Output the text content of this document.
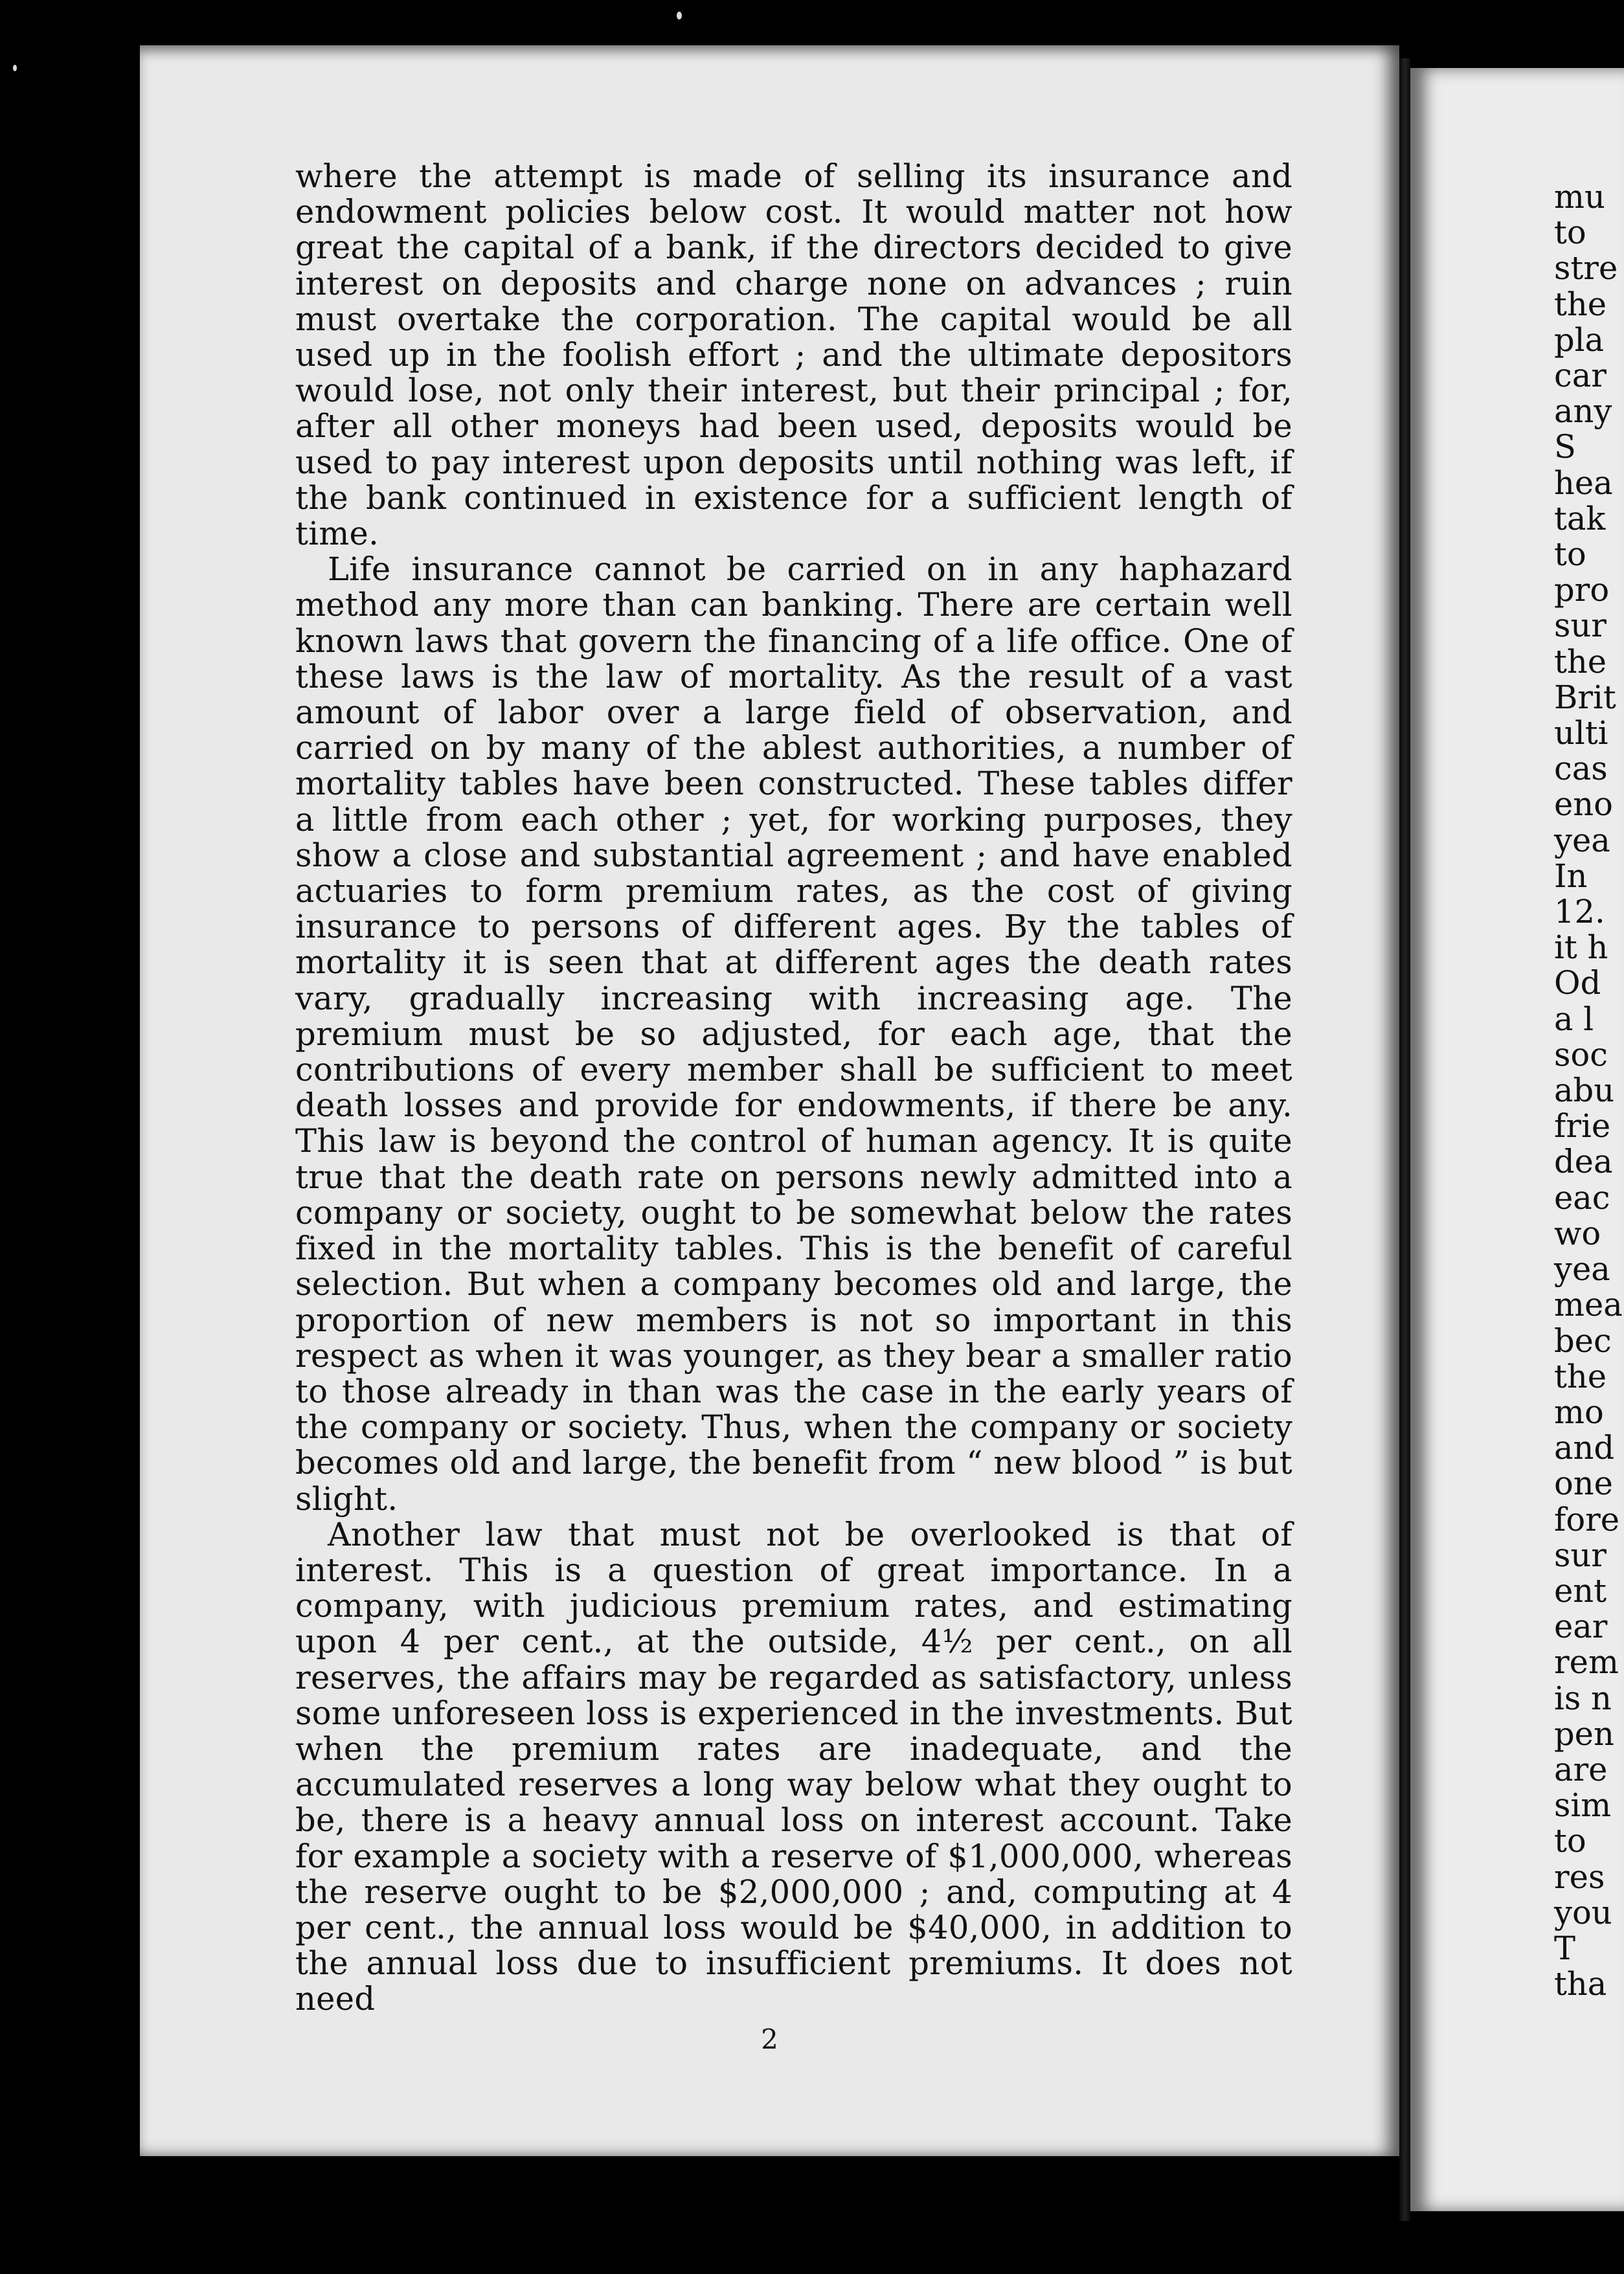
where the attempt is made of selling its insurance and endowment policies below cost. It would matter not how great the capital of a bank, if the directors decided to give interest on deposits and charge none on advances ; ruin must overtake the corporation. The capital would be all used up in the foolish effort ; and the ultimate depositors would lose, not only their interest, but their principal ; for, after all other moneys had been used, deposits would be used to pay interest upon deposits until nothing was left, if the bank continued in existence for a sufficient length of time.

Life insurance cannot be carried on in any haphazard method any more than can banking. There are certain well known laws that govern the financing of a life office. One of these laws is the law of mortality. As the result of a vast amount of labor over a large field of observation, and carried on by many of the ablest authorities, a number of mortality tables have been constructed. These tables differ a little from each other ; yet, for working purposes, they show a close and substantial agreement ; and have enabled actuaries to form premium rates, as the cost of giving insurance to persons of different ages. By the tables of mortality it is seen that at different ages the death rates vary, gradually increasing with increasing age. The premium must be so adjusted, for each age, that the contributions of every member shall be sufficient to meet death losses and provide for endowments, if there be any. This law is beyond the control of human agency. It is quite true that the death rate on persons newly admitted into a company or society, ought to be somewhat below the rates fixed in the mortality tables. This is the benefit of careful selection. But when a company becomes old and large, the proportion of new members is not so important in this respect as when it was younger, as they bear a smaller ratio to those already in than was the case in the early years of the company or society. Thus, when the company or society becomes old and large, the benefit from “ new blood ” is but slight.

Another law that must not be overlooked is that of interest. This is a question of great importance. In a company, with judicious premium rates, and estimating upon 4 per cent., at the outside, 4½ per cent., on all reserves, the affairs may be regarded as satisfactory, unless some unforeseen loss is experienced in the investments. But when the premium rates are inadequate, and the accumulated reserves a long way below what they ought to be, there is a heavy annual loss on interest account. Take for example a society with a reserve of $1,000,000, whereas the reserve ought to be $2,000,000 ; and, computing at 4 per cent., the annual loss would be $40,000, in addition to the annual loss due to insufficient premiums. It does not need

2
mu
to
stre
the
pla
car
any
S
hea
tak
to
pro
sur
the
Brit
ulti
cas
eno
yea
In
12.
it h
Od
a l
soc
abu
frie
dea
eac
wo
yea
mea
bec
the
mo
and
one
fore
sur
ent
ear
rem
is n
pen
are
sim
to
res
you
T
tha
